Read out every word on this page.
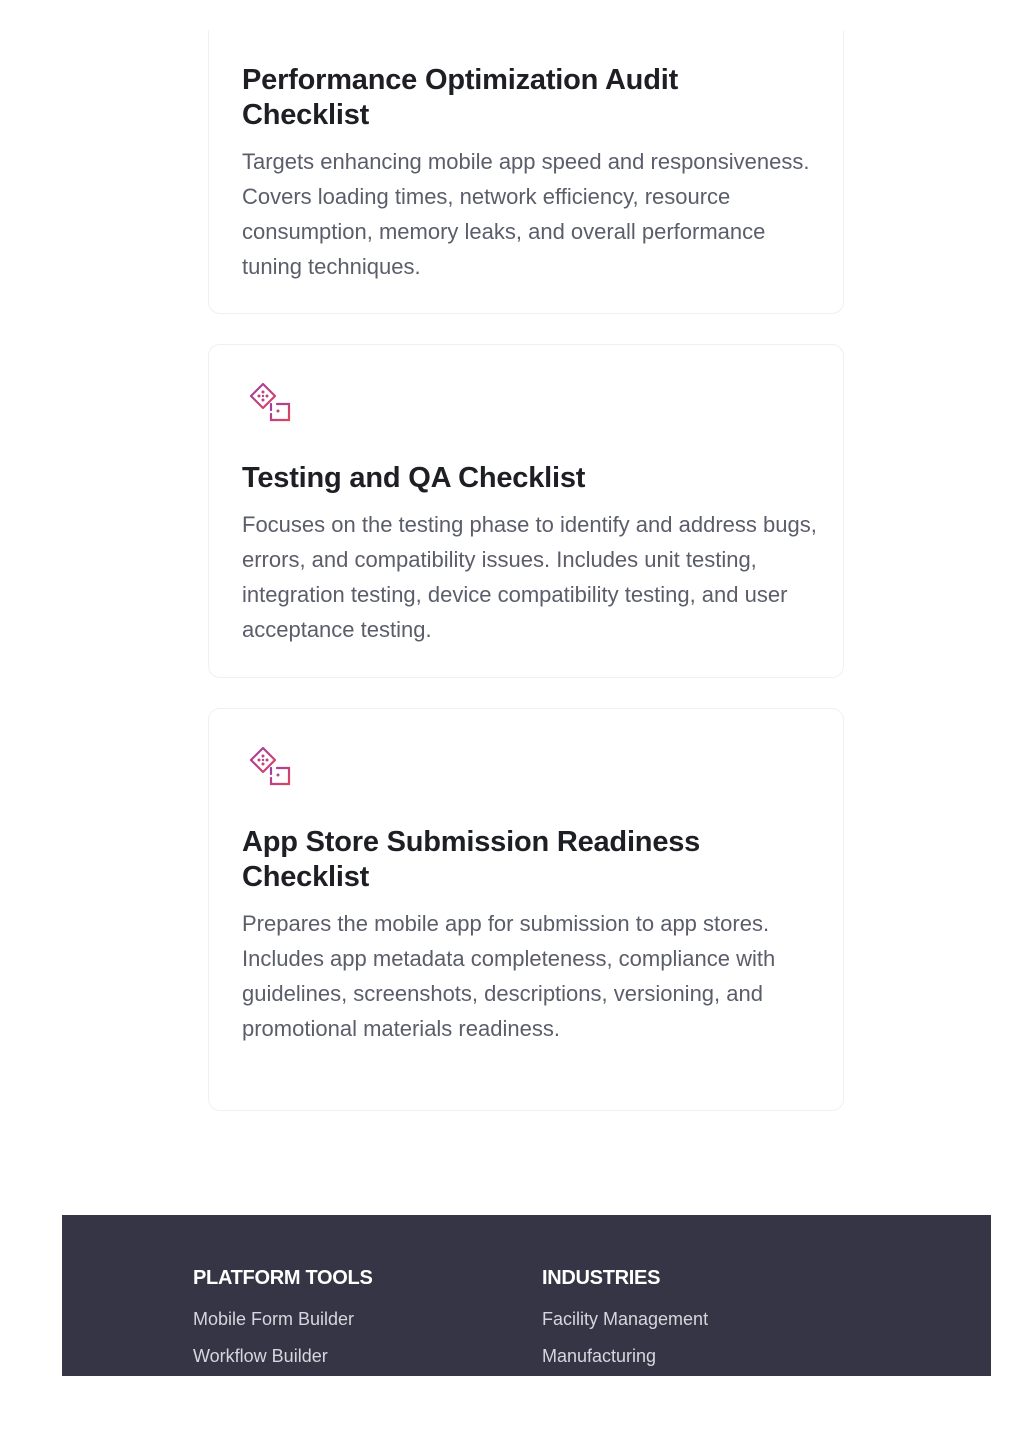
Performance Optimization Audit Checklist

Targets enhancing mobile app speed and responsiveness. Covers loading times, network efficiency, resource consumption, memory leaks, and overall performance tuning techniques.

Testing and QA Checklist

Focuses on the testing phase to identify and address bugs, errors, and compatibility issues. Includes unit testing, integration testing, device compatibility testing, and user acceptance testing.

App Store Submission Readiness Checklist

Prepares the mobile app for submission to app stores. Includes app metadata completeness, compliance with guidelines, screenshots, descriptions, versioning, and promotional materials readiness.

PLATFORM TOOLS
Mobile Form Builder
Workflow Builder
INDUSTRIES
Facility Management
Manufacturing
